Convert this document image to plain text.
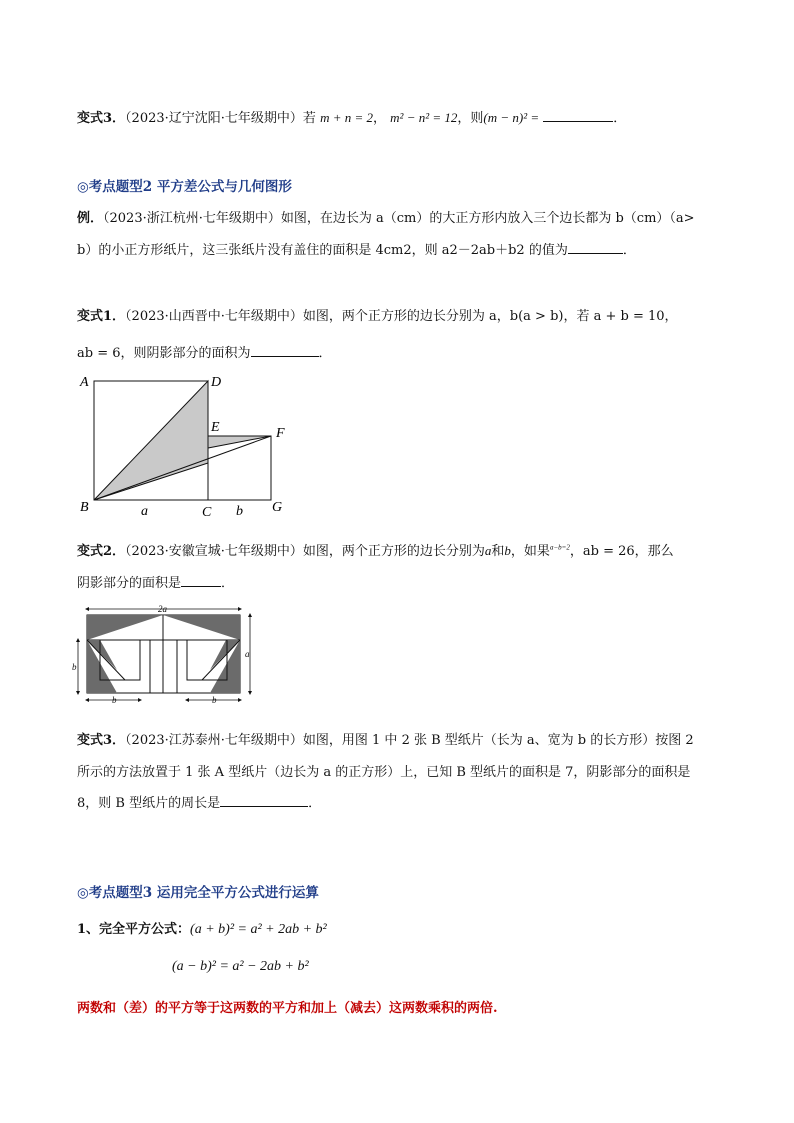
变式3．（2023·辽宁沈阳·七年级期中）若 m + n = 2， m² − n² = 12，则(m − n)² =	．
◎考点题型2 平方差公式与几何图形
例．（2023·浙江杭州·七年级期中）如图，在边长为 a（cm）的大正方形内放入三个边长都为 b（cm）（a>
b）的小正方形纸片，这三张纸片没有盖住的面积是 4cm2，则 a2－2ab＋b2 的值为	．
变式1．（2023·山西晋中·七年级期中）如图，两个正方形的边长分别为 a，b(a > b)，若 a + b = 10，
ab = 6，则阴影部分的面积为	．
A	D
E	F
B	C	G
a	b
变式2．（2023·安徽宣城·七年级期中）如图，两个正方形的边长分别为a和b，如果$^{a-b=2}$，ab = 26，那么
阴影部分的面积是	．
2a
b
a
b	b
变式3．（2023·江苏泰州·七年级期中）如图，用图 1 中 2 张 B 型纸片（长为 a、宽为 b 的长方形）按图 2
所示的方法放置于 1 张 A 型纸片（边长为 a 的正方形）上，已知 B 型纸片的面积是 7，阴影部分的面积是
8，则 B 型纸片的周长是	．
◎考点题型3 运用完全平方公式进行运算
1、完全平方公式：(a + b)² = a² + 2ab + b²
(a − b)² = a² − 2ab + b²
两数和（差）的平方等于这两数的平方和加上（减去）这两数乘积的两倍.
